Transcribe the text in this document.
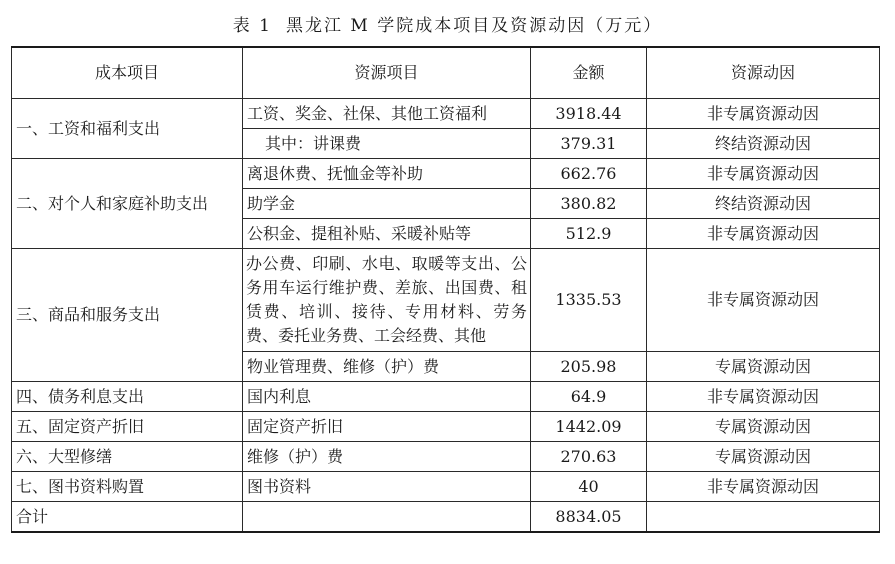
表 1 黑龙江 M 学院成本项目及资源动因（万元）
成本项目	资源项目	金额	资源动因
一、工资和福利支出	工资、奖金、社保、其他工资福利	3918.44	非专属资源动因
	其中：讲课费	379.31	终结资源动因
二、对个人和家庭补助支出	离退休费、抚恤金等补助	662.76	非专属资源动因
	助学金	380.82	终结资源动因
	公积金、提租补贴、采暖补贴等	512.9	非专属资源动因
三、商品和服务支出	办公费、印刷、水电、取暖等支出、公务用车运行维护费、差旅、出国费、租赁费、培训、接待、专用材料、劳务费、委托业务费、工会经费、其他	1335.53	非专属资源动因
	物业管理费、维修（护）费	205.98	专属资源动因
四、债务利息支出	国内利息	64.9	非专属资源动因
五、固定资产折旧	固定资产折旧	1442.09	专属资源动因
六、大型修缮	维修（护）费	270.63	专属资源动因
七、图书资料购置	图书资料	40	非专属资源动因
合计		8834.05	
